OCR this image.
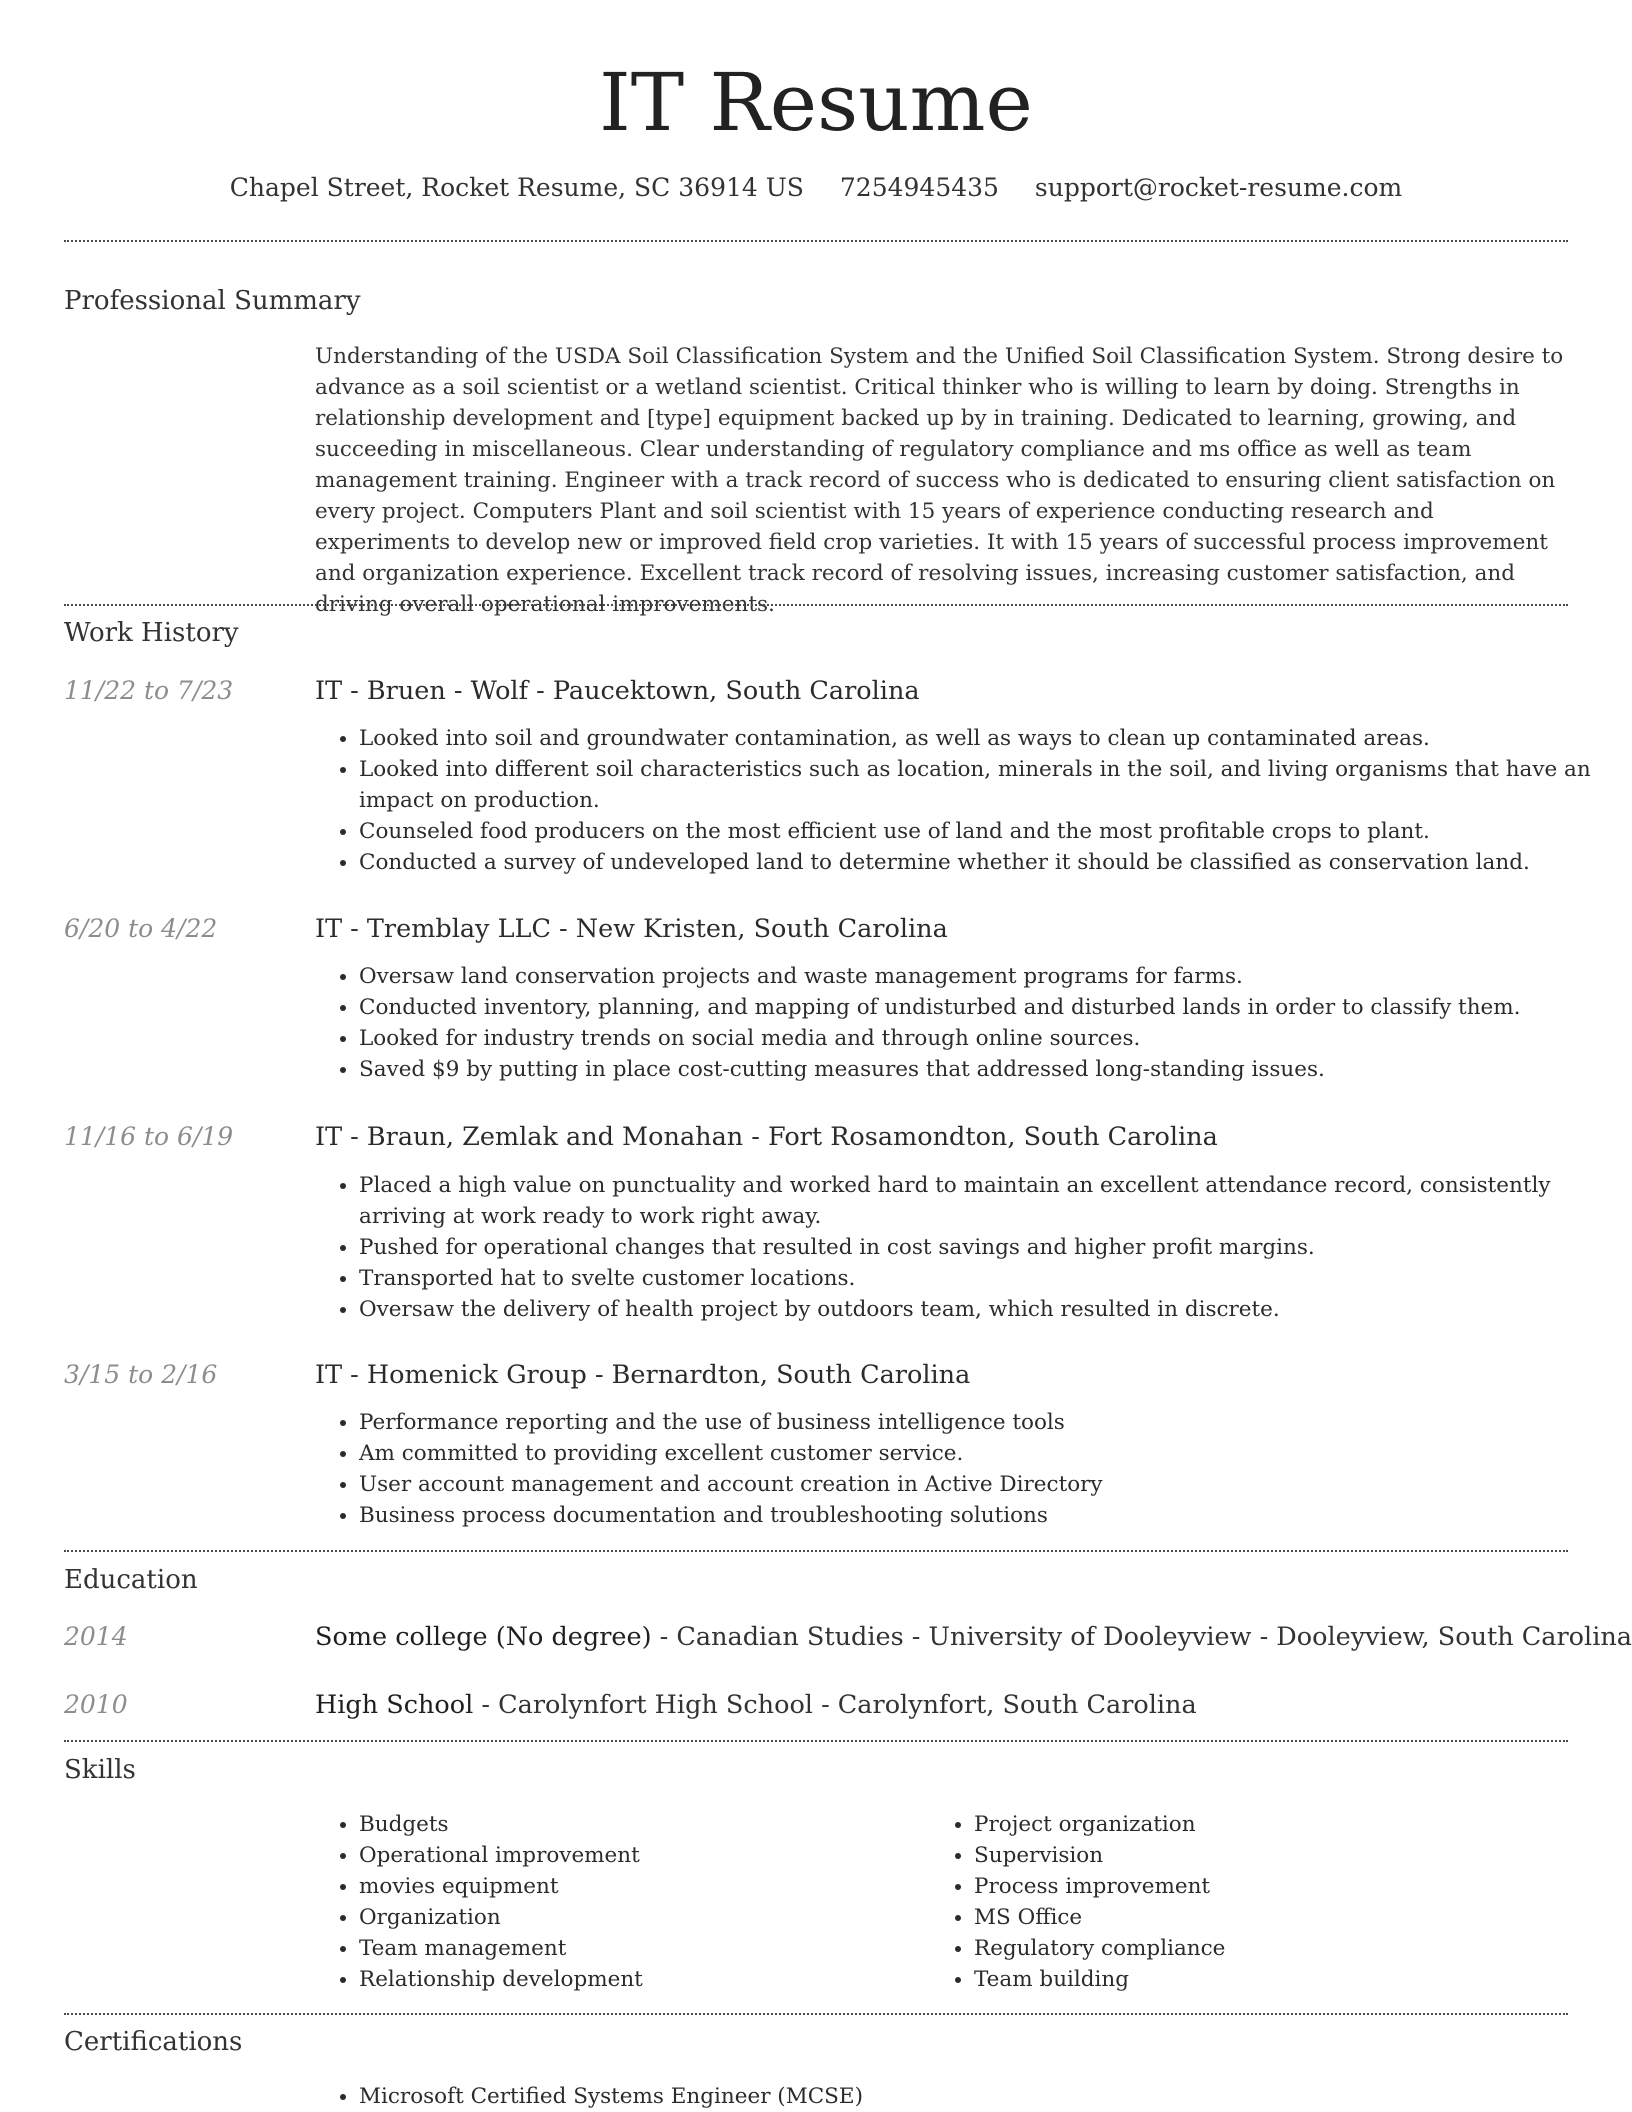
IT Resume
Chapel Street, Rocket Resume, SC 36914 US 7254945435 support@rocket-resume.com
Professional Summary

Understanding of the USDA Soil Classification System and the Unified Soil Classification System. Strong desire to advance as a soil scientist or a wetland scientist. Critical thinker who is willing to learn by doing. Strengths in relationship development and [type] equipment backed up by in training. Dedicated to learning, growing, and succeeding in miscellaneous. Clear understanding of regulatory compliance and ms office as well as team management training. Engineer with a track record of success who is dedicated to ensuring client satisfaction on every project. Computers Plant and soil scientist with 15 years of experience conducting research and experiments to develop new or improved field crop varieties. It with 15 years of successful process improvement and organization experience. Excellent track record of resolving issues, increasing customer satisfaction, and driving overall operational improvements.

Work History
11/22 to 7/23	IT - Bruen - Wolf - Paucektown, South Carolina
• Looked into soil and groundwater contamination, as well as ways to clean up contaminated areas.
• Looked into different soil characteristics such as location, minerals in the soil, and living organisms that have an impact on production.
• Counseled food producers on the most efficient use of land and the most profitable crops to plant.
• Conducted a survey of undeveloped land to determine whether it should be classified as conservation land.
6/20 to 4/22	IT - Tremblay LLC - New Kristen, South Carolina
• Oversaw land conservation projects and waste management programs for farms.
• Conducted inventory, planning, and mapping of undisturbed and disturbed lands in order to classify them.
• Looked for industry trends on social media and through online sources.
• Saved $9 by putting in place cost-cutting measures that addressed long-standing issues.
11/16 to 6/19	IT - Braun, Zemlak and Monahan - Fort Rosamondton, South Carolina
• Placed a high value on punctuality and worked hard to maintain an excellent attendance record, consistently arriving at work ready to work right away.
• Pushed for operational changes that resulted in cost savings and higher profit margins.
• Transported hat to svelte customer locations.
• Oversaw the delivery of health project by outdoors team, which resulted in discrete.
3/15 to 2/16	IT - Homenick Group - Bernardton, South Carolina
• Performance reporting and the use of business intelligence tools
• Am committed to providing excellent customer service.
• User account management and account creation in Active Directory
• Business process documentation and troubleshooting solutions
Education
2014	Some college (No degree) - Canadian Studies - University of Dooleyview - Dooleyview, South Carolina
2010	High School - Carolynfort High School - Carolynfort, South Carolina
Skills
• Budgets
• Operational improvement
• movies equipment
• Organization
• Team management
• Relationship development
• Project organization
• Supervision
• Process improvement
• MS Office
• Regulatory compliance
• Team building
Certifications
• Microsoft Certified Systems Engineer (MCSE)
